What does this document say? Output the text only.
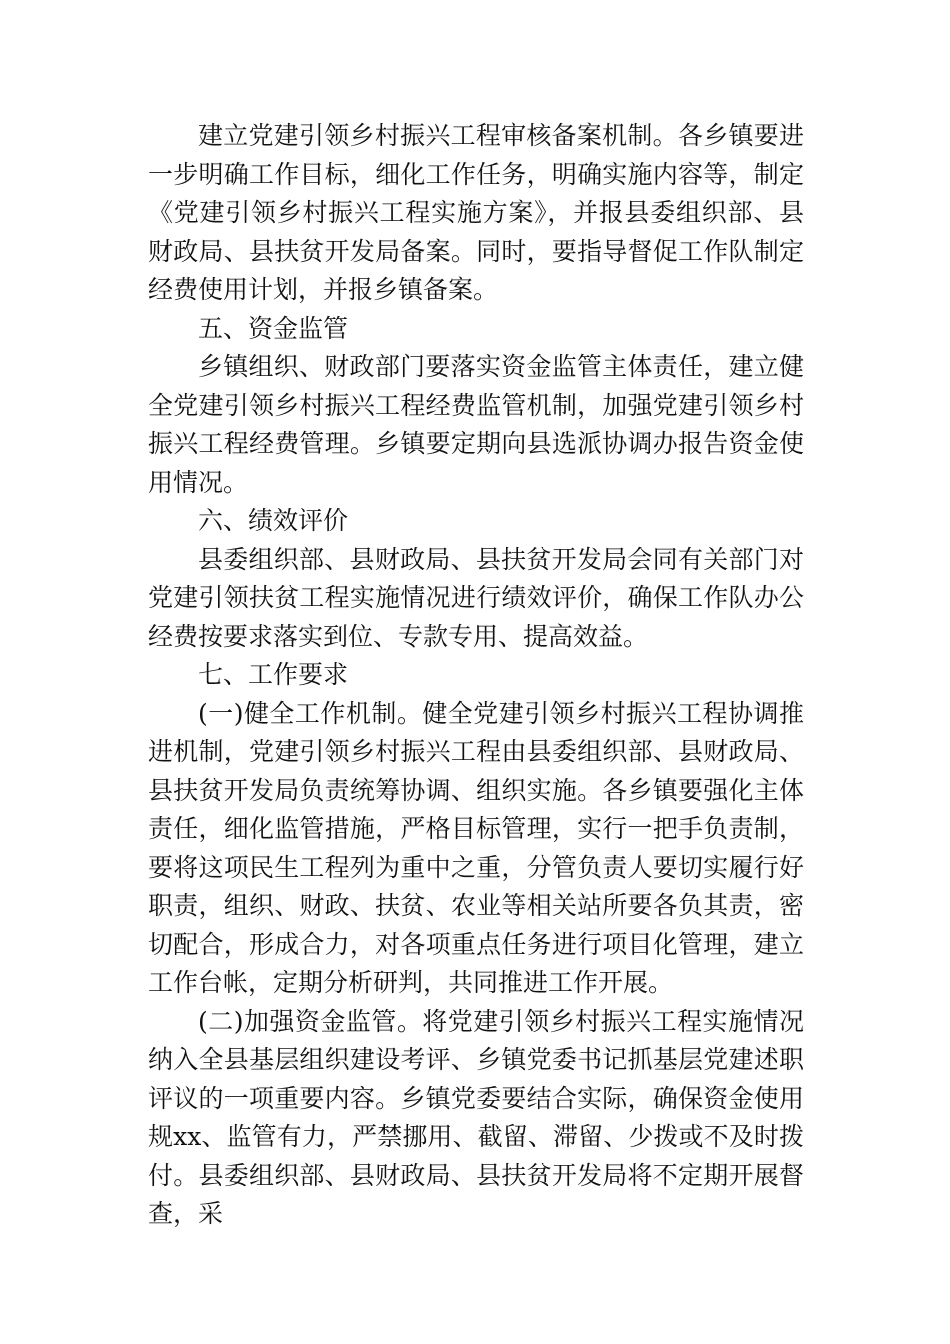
建立党建引领乡村振兴工程审核备案机制。各乡镇要进一步明确工作目标，细化工作任务，明确实施内容等，制定《党建引领乡村振兴工程实施方案》，并报县委组织部、县财政局、县扶贫开发局备案。同时，要指导督促工作队制定经费使用计划，并报乡镇备案。

五、资金监管

乡镇组织、财政部门要落实资金监管主体责任，建立健全党建引领乡村振兴工程经费监管机制，加强党建引领乡村振兴工程经费管理。乡镇要定期向县选派协调办报告资金使用情况。

六、绩效评价

县委组织部、县财政局、县扶贫开发局会同有关部门对党建引领扶贫工程实施情况进行绩效评价，确保工作队办公经费按要求落实到位、专款专用、提高效益。

七、工作要求

(一)健全工作机制。健全党建引领乡村振兴工程协调推进机制，党建引领乡村振兴工程由县委组织部、县财政局、县扶贫开发局负责统筹协调、组织实施。各乡镇要强化主体责任，细化监管措施，严格目标管理，实行一把手负责制，要将这项民生工程列为重中之重，分管负责人要切实履行好职责，组织、财政、扶贫、农业等相关站所要各负其责，密切配合，形成合力，对各项重点任务进行项目化管理，建立工作台帐，定期分析研判，共同推进工作开展。

(二)加强资金监管。将党建引领乡村振兴工程实施情况纳入全县基层组织建设考评、乡镇党委书记抓基层党建述职评议的一项重要内容。乡镇党委要结合实际，确保资金使用规xx、监管有力，严禁挪用、截留、滞留、少拨或不及时拨付。县委组织部、县财政局、县扶贫开发局将不定期开展督查，采
